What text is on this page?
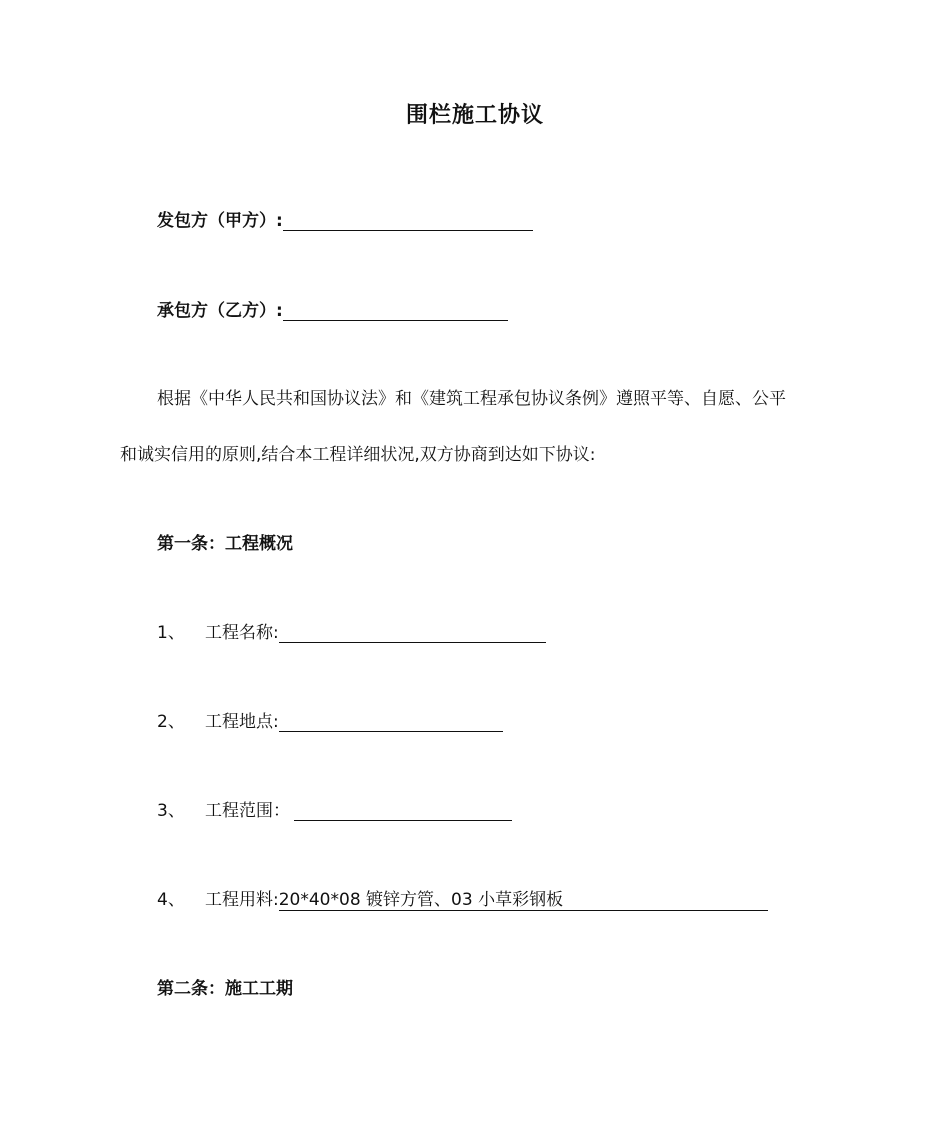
围栏施工协议
发包方（甲方）:
承包方（乙方）:
根据《中华人民共和国协议法》和《建筑工程承包协议条例》遵照平等、自愿、公平
和诚实信用的原则,结合本工程详细状况,双方协商到达如下协议:
第一条：工程概况
1、 工程名称:
2、 工程地点:
3、 工程范围：
4、 工程用料:20*40*08 镀锌方管、03 小草彩钢板
第二条：施工工期
